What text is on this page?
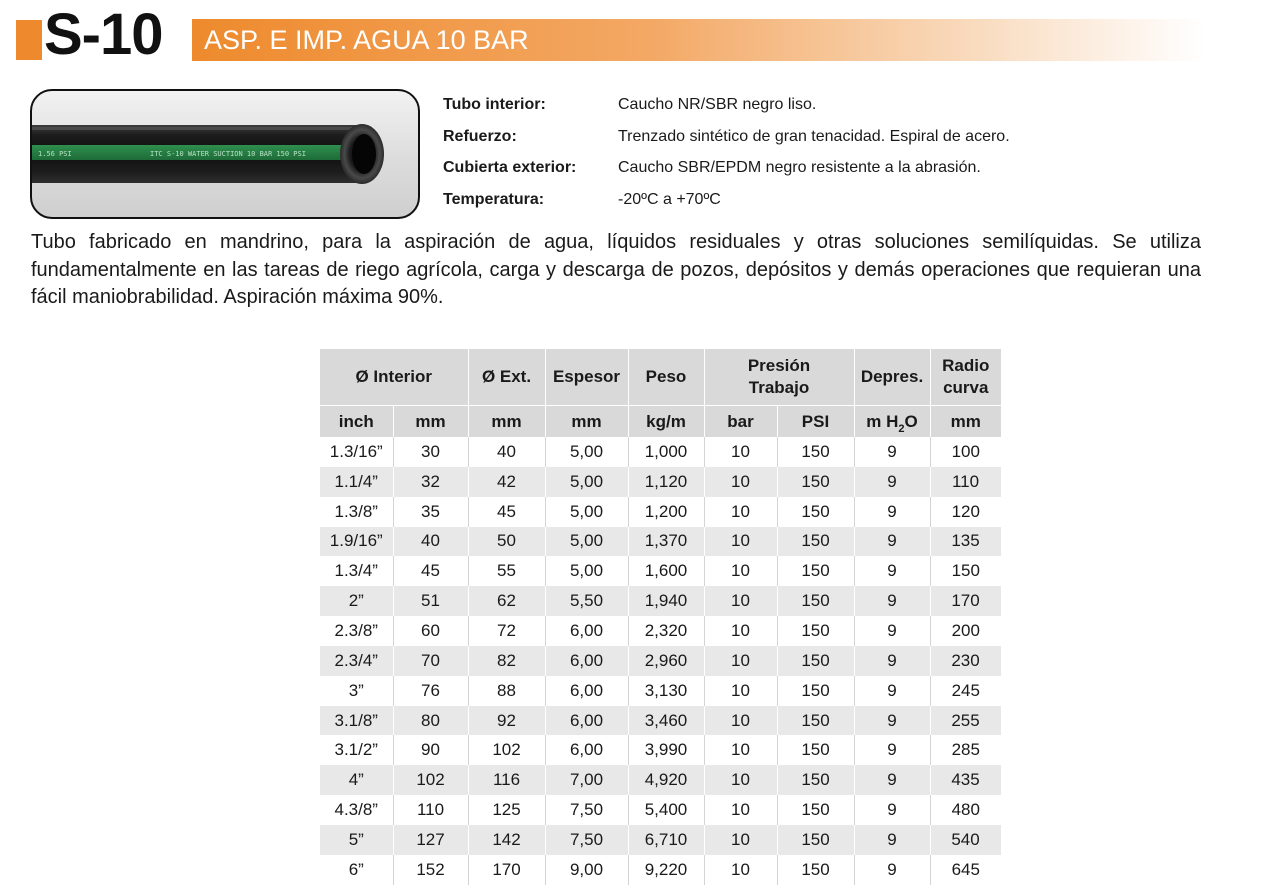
S-10 ASP. E IMP. AGUA 10 BAR
1.56 PSI	ITC S-10 WATER SUCTION 10 BAR 150 PSI
Tubo interior:	Caucho NR/SBR negro liso.
Refuerzo:	Trenzado sintético de gran tenacidad. Espiral de acero.
Cubierta exterior:	Caucho SBR/EPDM negro resistente a la abrasión.
Temperatura:	-20ºC a +70ºC
Tubo fabricado en mandrino, para la aspiración de agua, líquidos residuales y otras soluciones semilíquidas. Se utiliza fundamentalmente en las tareas de riego agrícola, carga y descarga de pozos, depósitos y demás operaciones que requieran una fácil maniobrabilidad. Aspiración máxima 90%.
Ø Interior		Ø Ext.	Espesor	Peso	Presión Trabajo		Depres.	Radio curva
inch	mm	mm	mm	kg/m	bar	PSI	m $H_2O$	mm
1.3/16”	30	40	5,00	1,000	10	150	9	100
1.1/4”	32	42	5,00	1,120	10	150	9	110
1.3/8”	35	45	5,00	1,200	10	150	9	120
1.9/16”	40	50	5,00	1,370	10	150	9	135
1.3/4”	45	55	5,00	1,600	10	150	9	150
2”	51	62	5,50	1,940	10	150	9	170
2.3/8”	60	72	6,00	2,320	10	150	9	200
2.3/4”	70	82	6,00	2,960	10	150	9	230
3”	76	88	6,00	3,130	10	150	9	245
3.1/8”	80	92	6,00	3,460	10	150	9	255
3.1/2”	90	102	6,00	3,990	10	150	9	285
4”	102	116	7,00	4,920	10	150	9	435
4.3/8”	110	125	7,50	5,400	10	150	9	480
5”	127	142	7,50	6,710	10	150	9	540
6”	152	170	9,00	9,220	10	150	9	645
